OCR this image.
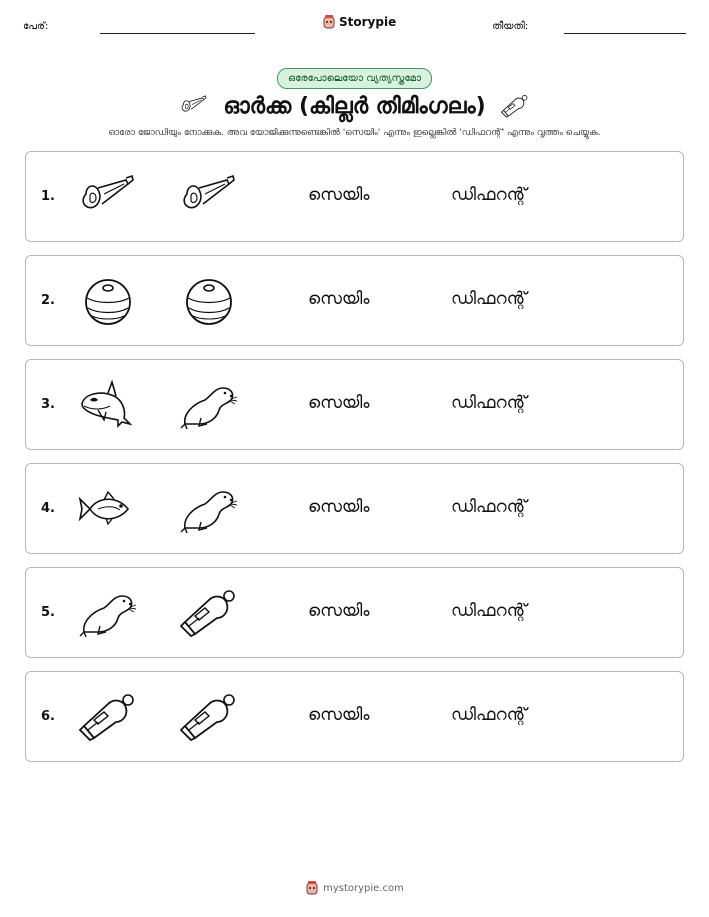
പേര്:	Storypie	തീയതി:
ഒരേപോലെയോ വ്യത്യസ്തമോ
ഓർക്ക (കില്ലർ തിമിംഗലം)
ഓരോ ജോഡിയും നോക്കുക. അവ യോജിക്കുന്നുണ്ടെങ്കിൽ 'സെയിം' എന്നും ഇല്ലെങ്കിൽ 'ഡിഫറന്റ്' എന്നും വൃത്തം ചെയ്യുക.
1.	സെയിം	ഡിഫറന്റ്
2.	സെയിം	ഡിഫറന്റ്
3.	സെയിം	ഡിഫറന്റ്
4.	സെയിം	ഡിഫറന്റ്
5.	സെയിം	ഡിഫറന്റ്
6.	സെയിം	ഡിഫറന്റ്
mystorypie.com
